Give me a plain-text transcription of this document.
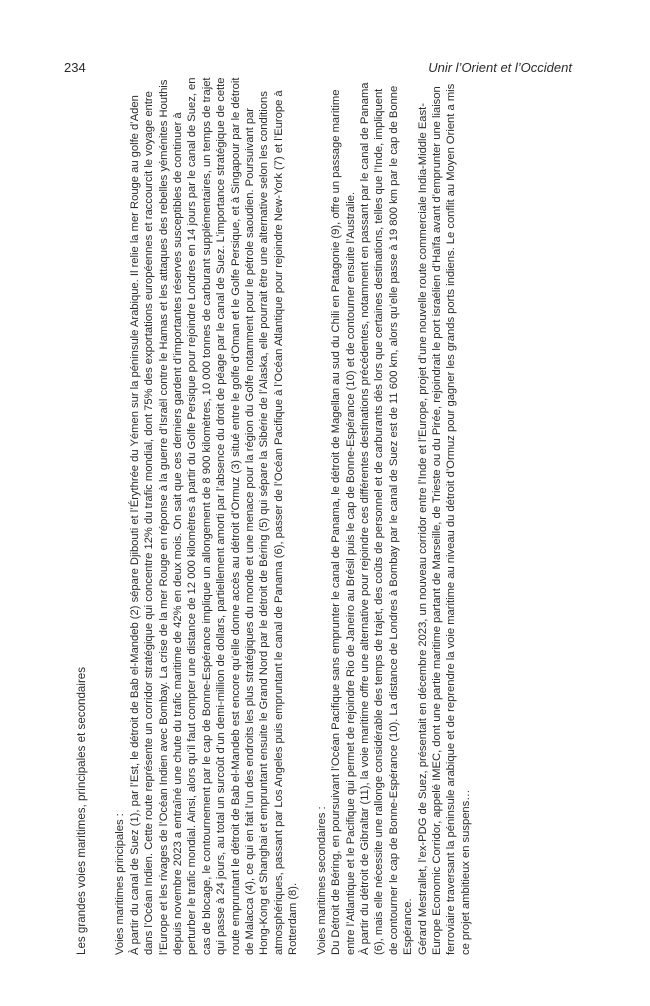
234	Unir l’Orient et l’Occident

Les grandes voies maritimes, principales et secondaires Voies maritimes principales : À partir du canal de Suez (1), par l’Est, le détroit de Bab el-Mandeb (2) sépare Djibouti et l’Érythrée du Yémen sur la péninsule Arabique. Il relie la mer Rouge au golfe d’Aden dans l’Océan Indien. Cette route représente un corridor stratégique qui concentre 12% du trafic mondial, dont 75% des exportations européennes et raccourcit le voyage entre l’Europe et les rivages de l’Océan Indien avec Bombay. La crise de la mer Rouge en réponse à la guerre d’Israël contre le Hamas et les attaques des rebelles yéménites Houthis depuis novembre 2023 a entraîné une chute du trafic maritime de 42% en deux mois. On sait que ces derniers gardent d’importantes réserves susceptibles de continuer à perturber le trafic mondial. Ainsi, alors qu’il faut compter une distance de 12 000 kilomètres à partir du Golfe Persique pour rejoindre Londres en 14 jours par le canal de Suez, en cas de blocage, le contournement par le cap de Bonne-Espérance implique un allongement de 8 900 kilomètres, 10 000 tonnes de carburant supplémentaires, un temps de trajet qui passe à 24 jours, au total un surcoût d’un demi-million de dollars, partiellement amorti par l’absence du droit de péage par le canal de Suez. L’importance stratégique de cette route empruntant le détroit de Bab el-Mandeb est encore qu’elle donne accès au détroit d’Ormuz (3) situé entre le golfe d’Oman et le Golfe Persique, et à Singapour par le détroit de Malacca (4), ce qui en fait l’un des endroits les plus stratégiques du monde et une menace pour la région du Golfe notamment pour le pétrole saoudien. Poursuivant par Hong-Kong et Shanghai et empruntant ensuite le Grand Nord par le détroit de Béring (5) qui sépare la Sibérie de l’Alaska, elle pourrait être une alternative selon les conditions atmosphériques, passant par Los Angeles puis empruntant le canal de Panama (6), passer de l’Océan Pacifique à l’Océan Atlantique pour rejoindre New-York (7) et l’Europe à Rotterdam (8). Voies maritimes secondaires : Du Détroit de Béring, en poursuivant l’Océan Pacifique sans emprunter le canal de Panama, le détroit de Magellan au sud du Chili en Patagonie (9), offre un passage maritime entre l’Atlantique et le Pacifique qui permet de rejoindre Rio de Janeiro au Brésil puis le cap de Bonne-Espérance (10) et de contourner ensuite l’Australie. À partir du détroit de Gibraltar (11), la voie maritime offre une alternative pour rejoindre ces différentes destinations précédentes, notamment en passant par le canal de Panama (6), mais elle nécessite une rallonge considérable des temps de trajet, des coûts de personnel et de carburants dès lors que certaines destinations, telles que l’Inde, impliquent de contourner le cap de Bonne-Espérance (10). La distance de Londres à Bombay par le canal de Suez est de 11 600 km, alors qu’elle passe à 19 800 km par le cap de Bonne Espérance. Gérard Mestrallet, l’ex-PDG de Suez, présentait en décembre 2023, un nouveau corridor entre l’Inde et l’Europe, projet d’une nouvelle route commerciale India-Middle East-Europe Economic Corridor, appelé IMEC, dont une partie maritime partant de Marseille, de Trieste ou du Pirée, rejoindrait le port israélien d’Haïfa avant d’emprunter une liaison ferroviaire traversant la péninsule arabique et de reprendre la voie maritime au niveau du détroit d’Ormuz pour gagner les grands ports indiens. Le conflit au Moyen Orient a mis ce projet ambitieux en suspens…
